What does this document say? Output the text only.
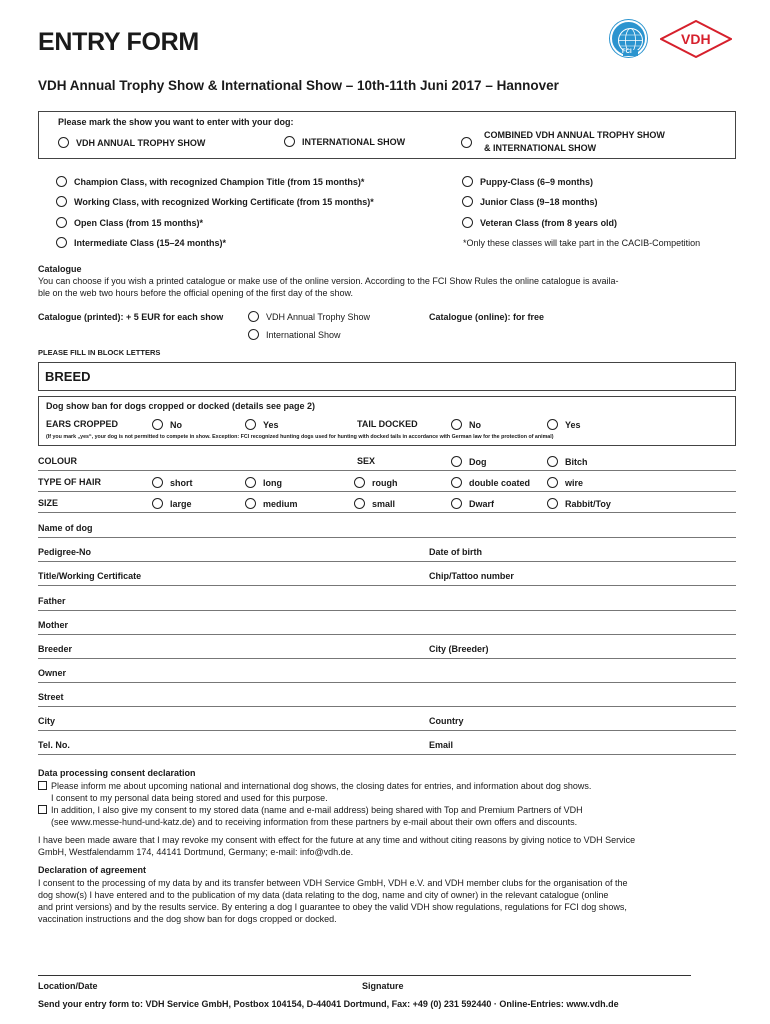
ENTRY FORM	FCI
VDH
VDH Annual Trophy Show & International Show – 10th-11th Juni 2017 – Hannover
Please mark the show you want to enter with your dog:
VDH ANNUAL TROPHY SHOW	INTERNATIONAL SHOW
COMBINED VDH ANNUAL TROPHY SHOW
& INTERNATIONAL SHOW
Champion Class, with recognized Champion Title (from 15 months)*
Working Class, with recognized Working Certificate (from 15 months)*
Open Class (from 15 months)*
Intermediate Class (15–24 months)*
Puppy-Class (6–9 months)
Junior Class (9–18 months)
Veteran Class (from 8 years old)
*Only these classes will take part in the CACIB-Competition
Catalogue
You can choose if you wish a printed catalogue or make use of the online version. According to the FCI Show Rules the online catalogue is availa-
ble on the web two hours before the official opening of the first day of the show.
Catalogue (printed): + 5 EUR for each show	VDH Annual Trophy Show
International Show
Catalogue (online): for free
PLEASE FILL IN BLOCK LETTERS
BREED
Dog show ban for dogs cropped or docked (details see page 2)
EARS CROPPED	No	Yes	TAIL DOCKED	No	Yes
(If you mark „yes“, your dog is not permitted to compete in show. Exception: FCI recognized hunting dogs used for hunting with docked tails in accordance with German law for the protection of animal)
COLOUR	SEX	Dog	Bitch
TYPE OF HAIR	short	long	rough	double coated	wire
SIZE	large	medium	small	Dwarf	Rabbit/Toy
Name of dog
Pedigree-No	Date of birth
Title/Working Certificate	Chip/Tattoo number
Father
Mother
Breeder	City (Breeder)
Owner
Street
City	Country
Tel. No.	Email
Data processing consent declaration
Please inform me about upcoming national and international dog shows, the closing dates for entries, and information about dog shows.
I consent to my personal data being stored and used for this purpose.
In addition, I also give my consent to my stored data (name and e-mail address) being shared with Top and Premium Partners of VDH
(see www.messe-hund-und-katz.de) and to receiving information from these partners by e-mail about their own offers and discounts.
I have been made aware that I may revoke my consent with effect for the future at any time and without citing reasons by giving notice to VDH Service
GmbH, Westfalendamm 174, 44141 Dortmund, Germany; e-mail: info@vdh.de.
Declaration of agreement
I consent to the processing of my data by and its transfer between VDH Service GmbH, VDH e.V. and VDH member clubs for the organisation of the
dog show(s) I have entered and to the publication of my data (data relating to the dog, name and city of owner) in the relevant catalogue (online
and print versions) and by the results service. By entering a dog I guarantee to obey the valid VDH show regulations, regulations for FCI dog shows,
vaccination instructions and the dog show ban for dogs cropped or docked.
Location/Date	Signature
Send your entry form to: VDH Service GmbH, Postbox 104154, D-44041 Dortmund, Fax: +49 (0) 231 592440 · Online-Entries: www.vdh.de
